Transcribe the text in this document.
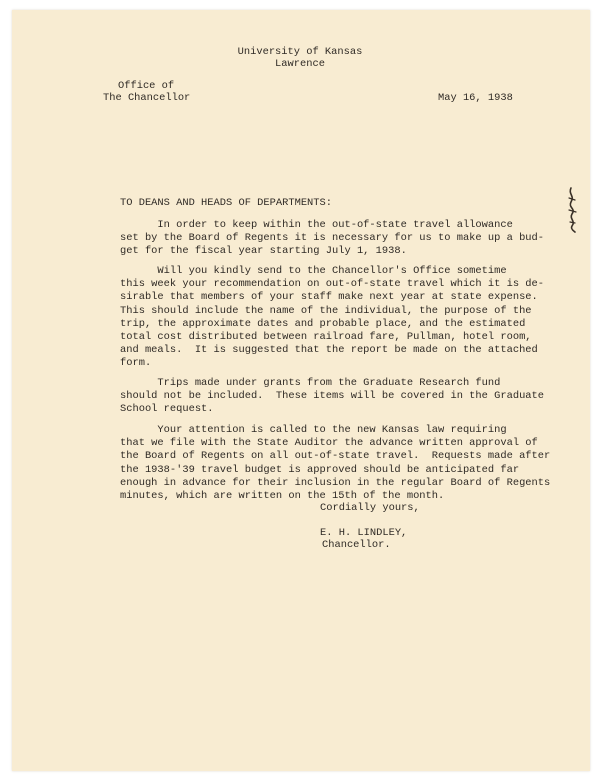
University of Kansas
Lawrence
Office of
The Chancellor	May 16, 1938
TO DEANS AND HEADS OF DEPARTMENTS:
In order to keep within the out-of-state travel allowance
set by the Board of Regents it is necessary for us to make up a bud-
get for the fiscal year starting July 1, 1938.
Will you kindly send to the Chancellor's Office sometime
this week your recommendation on out-of-state travel which it is de-
sirable that members of your staff make next year at state expense.
This should include the name of the individual, the purpose of the
trip, the approximate dates and probable place, and the estimated
total cost distributed between railroad fare, Pullman, hotel room,
and meals.  It is suggested that the report be made on the attached
form.
Trips made under grants from the Graduate Research fund
should not be included.  These items will be covered in the Graduate
School request.
Your attention is called to the new Kansas law requiring
that we file with the State Auditor the advance written approval of
the Board of Regents on all out-of-state travel.  Requests made after
the 1938-'39 travel budget is approved should be anticipated far
enough in advance for their inclusion in the regular Board of Regents
minutes, which are written on the 15th of the month.
Cordially yours,
E. H. LINDLEY,
Chancellor.
